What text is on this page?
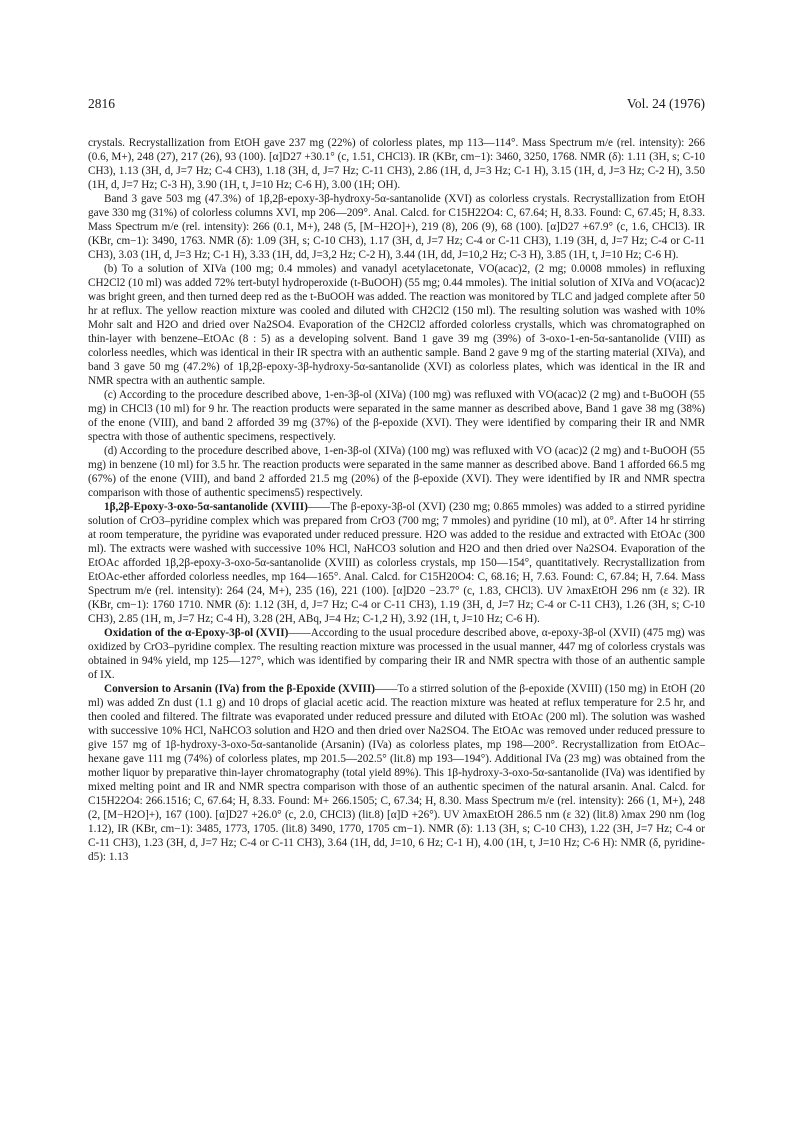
2816	Vol. 24 (1976)

crystals. Recrystallization from EtOH gave 237 mg (22%) of colorless plates, mp 113—114°. Mass Spectrum m/e (rel. intensity): 266 (0.6, M+), 248 (27), 217 (26), 93 (100). [α]D27 +30.1° (c, 1.51, CHCl3). IR (KBr, cm−1): 3460, 3250, 1768. NMR (δ): 1.11 (3H, s; C-10 CH3), 1.13 (3H, d, J=7 Hz; C-4 CH3), 1.18 (3H, d, J=7 Hz; C-11 CH3), 2.86 (1H, d, J=3 Hz; C-1 H), 3.15 (1H, d, J=3 Hz; C-2 H), 3.50 (1H, d, J=7 Hz; C-3 H), 3.90 (1H, t, J=10 Hz; C-6 H), 3.00 (1H; OH).

Band 3 gave 503 mg (47.3%) of 1β,2β-epoxy-3β-hydroxy-5α-santanolide (XVI) as colorless crystals. Recrystallization from EtOH gave 330 mg (31%) of colorless columns XVI, mp 206—209°. Anal. Calcd. for C15H22O4: C, 67.64; H, 8.33. Found: C, 67.45; H, 8.33. Mass Spectrum m/e (rel. intensity): 266 (0.1, M+), 248 (5, [M−H2O]+), 219 (8), 206 (9), 68 (100). [α]D27 +67.9° (c, 1.6, CHCl3). IR (KBr, cm−1): 3490, 1763. NMR (δ): 1.09 (3H, s; C-10 CH3), 1.17 (3H, d, J=7 Hz; C-4 or C-11 CH3), 1.19 (3H, d, J=7 Hz; C-4 or C-11 CH3), 3.03 (1H, d, J=3 Hz; C-1 H), 3.33 (1H, dd, J=3,2 Hz; C-2 H), 3.44 (1H, dd, J=10,2 Hz; C-3 H), 3.85 (1H, t, J=10 Hz; C-6 H).

(b) To a solution of XIVa (100 mg; 0.4 mmoles) and vanadyl acetylacetonate, VO(acac)2, (2 mg; 0.0008 mmoles) in refluxing CH2Cl2 (10 ml) was added 72% tert-butyl hydroperoxide (t-BuOOH) (55 mg; 0.44 mmoles). The initial solution of XIVa and VO(acac)2 was bright green, and then turned deep red as the t-BuOOH was added. The reaction was monitored by TLC and jadged complete after 50 hr at reflux. The yellow reaction mixture was cooled and diluted with CH2Cl2 (150 ml). The resulting solution was washed with 10% Mohr salt and H2O and dried over Na2SO4. Evaporation of the CH2Cl2 afforded colorless crystalls, which was chromatographed on thin-layer with benzene–EtOAc (8 : 5) as a developing solvent. Band 1 gave 39 mg (39%) of 3-oxo-1-en-5α-santanolide (VIII) as colorless needles, which was identical in their IR spectra with an authentic sample. Band 2 gave 9 mg of the starting material (XIVa), and band 3 gave 50 mg (47.2%) of 1β,2β-epoxy-3β-hydroxy-5α-santanolide (XVI) as colorless plates, which was identical in the IR and NMR spectra with an authentic sample.

(c) According to the procedure described above, 1-en-3β-ol (XIVa) (100 mg) was refluxed with VO(acac)2 (2 mg) and t-BuOOH (55 mg) in CHCl3 (10 ml) for 9 hr. The reaction products were separated in the same manner as described above, Band 1 gave 38 mg (38%) of the enone (VIII), and band 2 afforded 39 mg (37%) of the β-epoxide (XVI). They were identified by comparing their IR and NMR spectra with those of authentic specimens, respectively.

(d) According to the procedure described above, 1-en-3β-ol (XIVa) (100 mg) was refluxed with VO (acac)2 (2 mg) and t-BuOOH (55 mg) in benzene (10 ml) for 3.5 hr. The reaction products were separated in the same manner as described above. Band 1 afforded 66.5 mg (67%) of the enone (VIII), and band 2 afforded 21.5 mg (20%) of the β-epoxide (XVI). They were identified by IR and NMR spectra comparison with those of authentic specimens5) respectively.

1β,2β-Epoxy-3-oxo-5α-santanolide (XVIII)——The β-epoxy-3β-ol (XVI) (230 mg; 0.865 mmoles) was added to a stirred pyridine solution of CrO3–pyridine complex which was prepared from CrO3 (700 mg; 7 mmoles) and pyridine (10 ml), at 0°. After 14 hr stirring at room temperature, the pyridine was evaporated under reduced pressure. H2O was added to the residue and extracted with EtOAc (300 ml). The extracts were washed with successive 10% HCl, NaHCO3 solution and H2O and then dried over Na2SO4. Evaporation of the EtOAc afforded 1β,2β-epoxy-3-oxo-5α-santanolide (XVIII) as colorless crystals, mp 150—154°, quantitatively. Recrystallization from EtOAc-ether afforded colorless needles, mp 164—165°. Anal. Calcd. for C15H20O4: C, 68.16; H, 7.63. Found: C, 67.84; H, 7.64. Mass Spectrum m/e (rel. intensity): 264 (24, M+), 235 (16), 221 (100). [α]D20 −23.7° (c, 1.83, CHCl3). UV λmaxEtOH 296 nm (ε 32). IR (KBr, cm−1): 1760 1710. NMR (δ): 1.12 (3H, d, J=7 Hz; C-4 or C-11 CH3), 1.19 (3H, d, J=7 Hz; C-4 or C-11 CH3), 1.26 (3H, s; C-10 CH3), 2.85 (1H, m, J=7 Hz; C-4 H), 3.28 (2H, ABq, J=4 Hz; C-1,2 H), 3.92 (1H, t, J=10 Hz; C-6 H).

Oxidation of the α-Epoxy-3β-ol (XVII)——According to the usual procedure described above, α-epoxy-3β-ol (XVII) (475 mg) was oxidized by CrO3–pyridine complex. The resulting reaction mixture was processed in the usual manner, 447 mg of colorless crystals was obtained in 94% yield, mp 125—127°, which was identified by comparing their IR and NMR spectra with those of an authentic sample of IX.

Conversion to Arsanin (IVa) from the β-Epoxide (XVIII)——To a stirred solution of the β-epoxide (XVIII) (150 mg) in EtOH (20 ml) was added Zn dust (1.1 g) and 10 drops of glacial acetic acid. The reaction mixture was heated at reflux temperature for 2.5 hr, and then cooled and filtered. The filtrate was evaporated under reduced pressure and diluted with EtOAc (200 ml). The solution was washed with successive 10% HCl, NaHCO3 solution and H2O and then dried over Na2SO4. The EtOAc was removed under reduced pressure to give 157 mg of 1β-hydroxy-3-oxo-5α-santanolide (Arsanin) (IVa) as colorless plates, mp 198—200°. Recrystallization from EtOAc–hexane gave 111 mg (74%) of colorless plates, mp 201.5—202.5° (lit.8) mp 193—194°). Additional IVa (23 mg) was obtained from the mother liquor by preparative thin-layer chromatography (total yield 89%). This 1β-hydroxy-3-oxo-5α-santanolide (IVa) was identified by mixed melting point and IR and NMR spectra comparison with those of an authentic specimen of the natural arsanin. Anal. Calcd. for C15H22O4: 266.1516; C, 67.64; H, 8.33. Found: M+ 266.1505; C, 67.34; H, 8.30. Mass Spectrum m/e (rel. intensity): 266 (1, M+), 248 (2, [M−H2O]+), 167 (100). [α]D27 +26.0° (c, 2.0, CHCl3) (lit.8) [α]D +26°). UV λmaxEtOH 286.5 nm (ε 32) (lit.8) λmax 290 nm (log 1.12), IR (KBr, cm−1): 3485, 1773, 1705. (lit.8) 3490, 1770, 1705 cm−1). NMR (δ): 1.13 (3H, s; C-10 CH3), 1.22 (3H, J=7 Hz; C-4 or C-11 CH3), 1.23 (3H, d, J=7 Hz; C-4 or C-11 CH3), 3.64 (1H, dd, J=10, 6 Hz; C-1 H), 4.00 (1H, t, J=10 Hz; C-6 H): NMR (δ, pyridine-d5): 1.13
